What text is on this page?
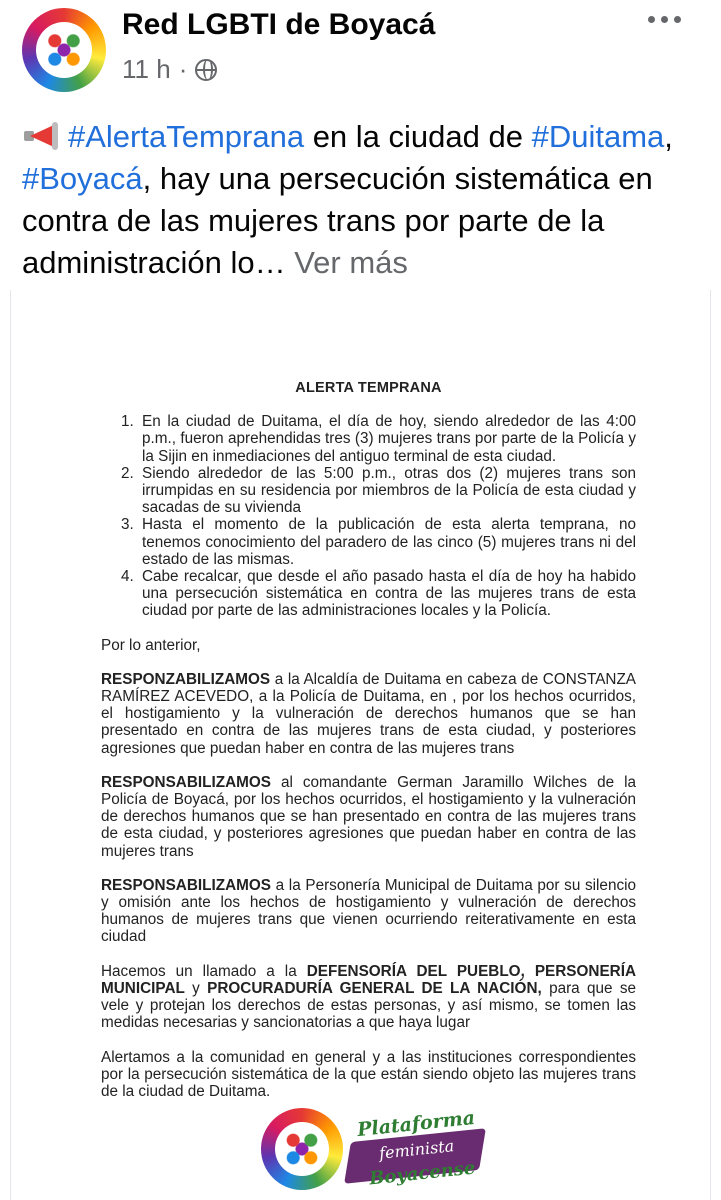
Red LGBTI de Boyacá
11 h ·
#AlertaTemprana en la ciudad de #Duitama, #Boyacá, hay una persecución sistemática en contra de las mujeres trans por parte de la administración lo… Ver más
ALERTA TEMPRANA
1. En la ciudad de Duitama, el día de hoy, siendo alrededor de las 4:00 p.m., fueron aprehendidas tres (3) mujeres trans por parte de la Policía y la Sijin en inmediaciones del antiguo terminal de esta ciudad.
2. Siendo alrededor de las 5:00 p.m., otras dos (2) mujeres trans son irrumpidas en su residencia por miembros de la Policía de esta ciudad y sacadas de su vivienda
3. Hasta el momento de la publicación de esta alerta temprana, no tenemos conocimiento del paradero de las cinco (5) mujeres trans ni del estado de las mismas.
4. Cabe recalcar, que desde el año pasado hasta el día de hoy ha habido una persecución sistemática en contra de las mujeres trans de esta ciudad por parte de las administraciones locales y la Policía.

Por lo anterior,

RESPONZABILIZAMOS a la Alcaldía de Duitama en cabeza de CONSTANZA RAMÍREZ ACEVEDO, a la Policía de Duitama, en , por los hechos ocurridos, el hostigamiento y la vulneración de derechos humanos que se han presentado en contra de las mujeres trans de esta ciudad, y posteriores agresiones que puedan haber en contra de las mujeres trans

RESPONSABILIZAMOS al comandante German Jaramillo Wilches de la Policía de Boyacá, por los hechos ocurridos, el hostigamiento y la vulneración de derechos humanos que se han presentado en contra de las mujeres trans de esta ciudad, y posteriores agresiones que puedan haber en contra de las mujeres trans

RESPONSABILIZAMOS a la Personería Municipal de Duitama por su silencio y omisión ante los hechos de hostigamiento y vulneración de derechos humanos de mujeres trans que vienen ocurriendo reiterativamente en esta ciudad

Hacemos un llamado a la DEFENSORÍA DEL PUEBLO, PERSONERÍA MUNICIPAL y PROCURADURÍA GENERAL DE LA NACIÓN, para que se vele y protejan los derechos de estas personas, y así mismo, se tomen las medidas necesarias y sancionatorias a que haya lugar

Alertamos a la comunidad en general y a las instituciones correspondientes por la persecución sistemática de la que están siendo objeto las mujeres trans de la ciudad de Duitama.

Plataforma
feminista
Boyacense
